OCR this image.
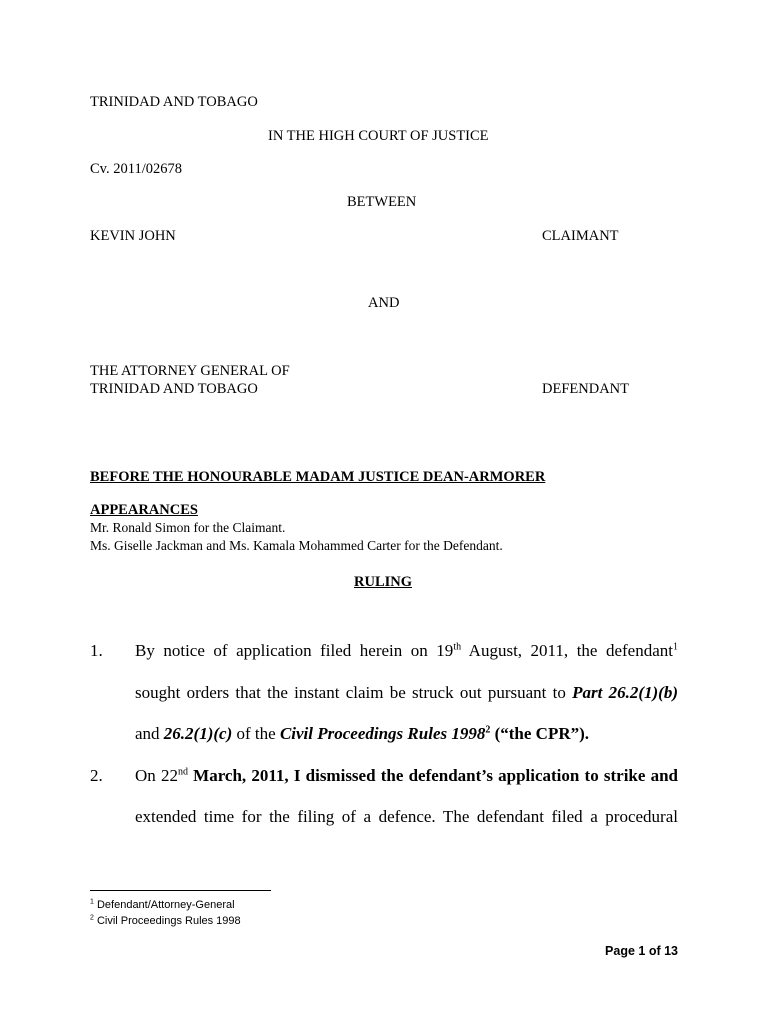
TRINIDAD AND TOBAGO
IN THE HIGH COURT OF JUSTICE
Cv. 2011/02678
BETWEEN
KEVIN JOHN	CLAIMANT
AND
THE ATTORNEY GENERAL OF
TRINIDAD AND TOBAGO	DEFENDANT
BEFORE THE HONOURABLE MADAM JUSTICE DEAN-ARMORER
APPEARANCES
Mr. Ronald Simon for the Claimant.
Ms. Giselle Jackman and Ms. Kamala Mohammed Carter for the Defendant.
RULING
1. By notice of application filed herein on 19th August, 2011, the defendant$^1$
sought orders that the instant claim be struck out pursuant to Part 26.2(1)(b)
and 26.2(1)(c) of the Civil Proceedings Rules 1998$^2$ (“the CPR”).
2. On 22nd March, 2011, I dismissed the defendant’s application to strike and
extended time for the filing of a defence. The defendant filed a procedural
$^1$ Defendant/Attorney-General
$^2$ Civil Proceedings Rules 1998
Page 1 of 13
